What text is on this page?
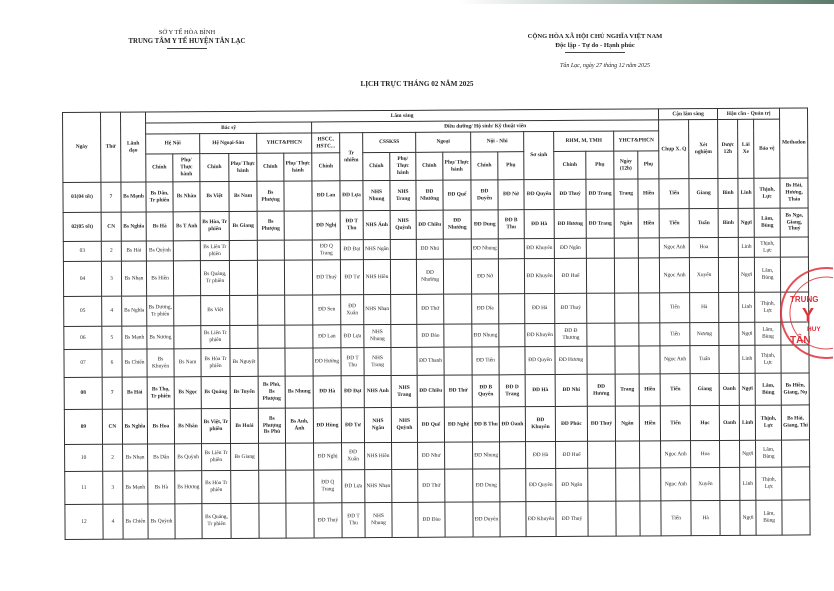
SỞ Y TẾ HÒA BÌNH
TRUNG TÂM Y TẾ HUYỆN TÂN LẠC
CỘNG HÒA XÃ HỘI CHỦ NGHĨA VIỆT NAM
Độc lập - Tự do - Hạnh phúc
Tân Lạc, ngày 27 tháng 12 năm 2025
LỊCH TRỰC THÁNG 02 NĂM 2025
Ngày	Thứ	Lãnh đạo	Lâm sàng																			Cận lâm sàng		Hậu cần - Quản trị			Methadon
			Bác sỹ						Điều dưỡng/ Hộ sinh/ Kỹ thuật viên													Chụp X. Q	Xét nghiệm	Dược 12h	Lái Xe	Bảo vệ	
			Hệ Nội		Hệ Ngoại-Sản		YHCT&PHCN		HSCC, HSTC...	Tr nhiễm	CSSKSS		Ngoại		Nội - Nhi		Sơ sinh	RHM, M, TMH		YHCT&PHCN							
			Chính	Phụ/ Thực hành	Chính	Phụ/ Thực hành	Chính	Phụ/ Thực hành	Chính		Chính	Phụ/ Thực hành	Chính	Phụ/ Thực hành	Chính	Phụ		Chính	Phụ	Ngày (12h)	Phụ						
01(04 tết)	7	Bs Mạnh	Bs Dân, Tr phiên	Bs Nhàn	Bs Việt	Bs Nam	Bs Phượng		ĐD Lan	ĐD Lựa	NHS Nhung	NHS Trang	ĐD Nhường	ĐD Quế	ĐD Duyên	ĐD Nở	ĐD Quyên	ĐD Thuỷ	ĐD Trang	Trang	Hiền	Tiến	Giang	Bình	Linh	Thịnh, Lực	Bs Hải, Hương, Thảo
02(05 tết)	CN	Bs Nghĩa	Bs Hà	Bs T Anh	Bs Hòa, Tr phiên	Bs Giang	Bs Phượng		ĐD Nghị	ĐD T Thu	NHS Ánh	NHS Quỳnh	ĐD Chiều	ĐD Nhường	ĐD Dung	ĐD B Thu	ĐD Hà	ĐD Hương	ĐD Trang	Ngân	Hiền	Tiến	Tuấn	Bình	Ngợi	Lâm, Bùng	Bs Nga, Giang, Thuỷ
03	2	Bs Hải	Bs Quỳnh		Bs Liên Tr phiên				ĐD Q Trang	ĐD Đạt	NHS Ngân		ĐD Nhú		ĐD Nhung		ĐD Khuyên	ĐD Ngân				Ngọc Anh	Hoa		Linh	Thịnh, Lực	
04	3	Bs Nhạn	Bs Hiền		Bs Quảng, Tr phiên				ĐD Thuỷ	ĐD Tư	NHS Hiền		ĐD Nhường		ĐD Nở		ĐD Khuyên	ĐD Huế				Ngọc Anh	Xuyến		Ngợi	Lâm, Bùng	
05	4	Bs Nghĩa	Bs Dương, Tr phiên		Bs Việt				ĐD Sen	ĐD Xuân	NHS Nhạn		ĐD Thứ		ĐD Dĩa		ĐD Hà	ĐD Thuỷ				Tiến	Hà		Linh	Thịnh, Lực	
06	5	Bs Mạnh	Bs Nương		Bs Liên Tr phiên				ĐD Lan	ĐD Lựa	NHS Nhung		ĐD Đào		ĐD Nhung		ĐD Khuyên	ĐD Đ Thương				Tiến	Nương		Ngợi	Lâm, Bùng	
07	6	Bs Chiến	Bs Khuyên	Bs Nam	Bs Hòa Tr phiên	Bs Nguyệt			ĐD Hường	ĐD T Thu	NHS Trang		ĐD Thanh		ĐD Tiến		ĐD Quyên	ĐD Hương				Ngọc Anh	Tuấn		Linh	Thịnh, Lực	
08	7	Bs Hải	Bs Thọ, Tr phiên	Bs Ngọc	Bs Quảng	Bs Tuyển	Bs Phú, Bs Phượng	Bs Nhung	ĐD Hà	ĐD Đạt	NHS Anh	NHS Trang	ĐD Chiều	ĐD Thứ	ĐD B Quyên	ĐD D Trang	ĐD Hà	ĐD Nhi	ĐD Hương	Trang	Hiền	Tiến	Giang	Oanh	Ngợi	Lâm, Bùng	Bs Hiền, Giang, Nụ
09	CN	Bs Nghĩa	Bs Hoa	Bs Nhàn	Bs Việt, Tr phiên	Bs Hoài	Bs Phượng Bs Phú	Bs Anh, Ánh	ĐD Hùng	ĐD Tư	NHS Ngân	NHS Quỳnh	ĐD Quế	ĐD Nghệ	ĐD B Thu	ĐD Oanh	ĐD Khuyên	ĐD Phúc	ĐD Thuỷ	Ngân	Hiền	Tiến	Học	Oanh	Linh	Thịnh, Lực	Bs Hải, Giang, Thi
10	2	Bs Nhạn	Bs Dân	Bs Quỳnh	Bs Liên Tr phiên	Bs Giang			ĐD Nghị	ĐD Xuân	NHS Hiền		ĐD Như		ĐD Nhung		ĐD Hà	ĐD Huế				Ngọc Anh	Hoa		Ngợi	Lâm, Bùng	
11	3	Bs Mạnh	Bs Hà	Bs Hương	Bs Hòa Tr phiên				ĐD Q Trang	ĐD Lựa	NHS Nhạn		ĐD Thứ		ĐD Dung		ĐD Quyên	ĐD Ngân				Ngọc Anh	Xuyến		Linh	Thịnh, Lực	
12	4	Bs Chiến	Bs Quỳnh		Bs Quảng, Tr phiên				ĐD Thuỷ	ĐD T Thu	NHS Nhung		ĐD Đào		ĐD Duyên		ĐD Khuyên	ĐD Thuỷ				Tiến	Hà		Ngợi	Lâm, Bùng	
TRUNG
Y
HUY
TÂN
